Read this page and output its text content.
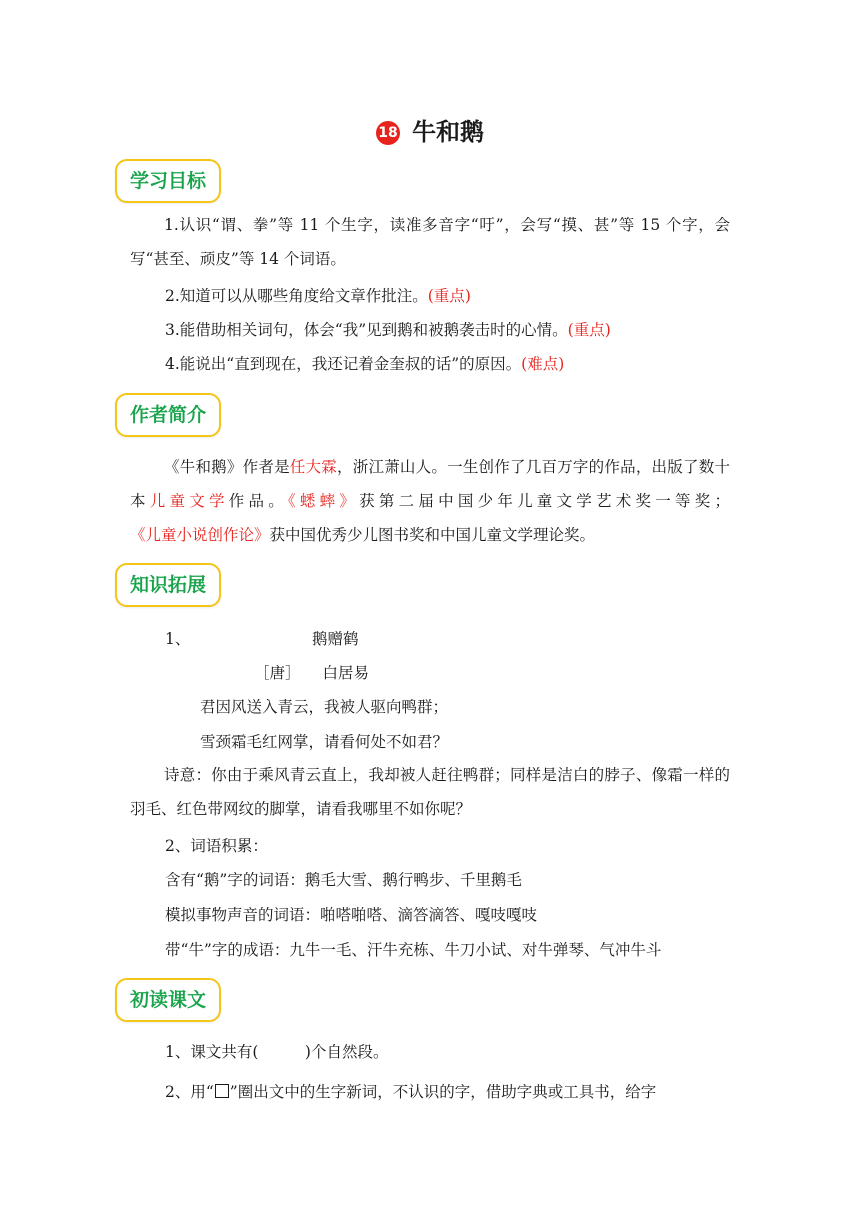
18 牛和鹅
学习目标
1.认识“谓、拳”等 11 个生字，读准多音字“吁”，会写“摸、甚”等 15 个字，会写“甚至、顽皮”等 14 个词语。
2.知道可以从哪些角度给文章作批注。(重点)
3.能借助相关词句，体会“我”见到鹅和被鹅袭击时的心情。(重点)
4.能说出“直到现在，我还记着金奎叔的话”的原因。(难点)
作者简介
《牛和鹅》作者是任大霖，浙江萧山人。一生创作了几百万字的作品，出版了数十本儿童文学作品。《蟋蟀》获第二届中国少年儿童文学艺术奖一等奖；《儿童小说创作论》获中国优秀少儿图书奖和中国儿童文学理论奖。
知识拓展
1、	鹅赠鹤
［唐］ 白居易
君因风送入青云，我被人驱向鸭群；
雪颈霜毛红网掌，请看何处不如君？
诗意：你由于乘风青云直上，我却被人赶往鸭群；同样是洁白的脖子、像霜一样的羽毛、红色带网纹的脚掌，请看我哪里不如你呢？
2、词语积累：
含有“鹅”字的词语：鹅毛大雪、鹅行鸭步、千里鹅毛
模拟事物声音的词语：啪嗒啪嗒、滴答滴答、嘎吱嘎吱
带“牛”字的成语：九牛一毛、汗牛充栋、牛刀小试、对牛弹琴、气冲牛斗
初读课文
1、课文共有(　　　)个自然段。
2、用“ ”圈出文中的生字新词，不认识的字，借助字典或工具书，给字
